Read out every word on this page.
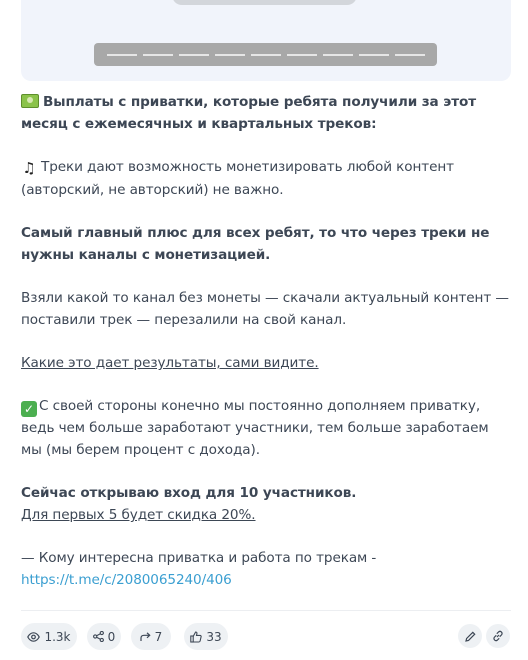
Выплаты с приватки, которые ребята получили за этот месяц с ежемесячных и квартальных треков:

♫ Треки дают возможность монетизировать любой контент (авторский, не авторский) не важно.

Самый главный плюс для всех ребят, то что через треки не нужны каналы с монетизацией.

Взяли какой то канал без монеты — скачали актуальный контент — поставили трек — перезалили на свой канал.

Какие это дает результаты, сами видите.

✓ С своей стороны конечно мы постоянно дополняем приватку, ведь чем больше заработают участники, тем больше заработаем мы (мы берем процент с дохода).

Сейчас открываю вход для 10 участников.
Для первых 5 будет скидка 20%.

— Кому интересна приватка и работа по трекам -
https://t.me/c/2080065240/406

1.3k	0	7	33
